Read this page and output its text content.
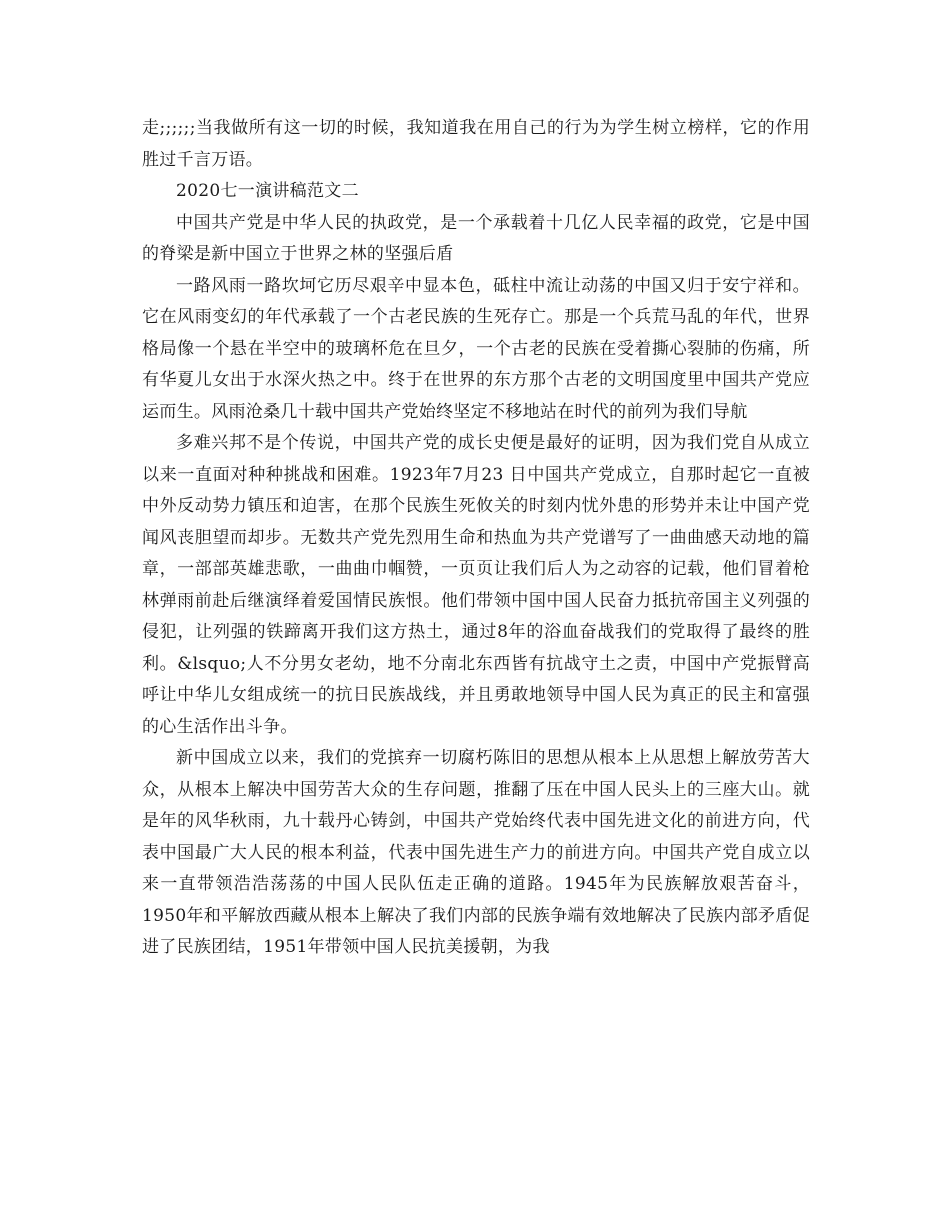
走;;;;;;当我做所有这一切的时候，我知道我在用自己的行为为学生树立榜样，它的作用胜过千言万语。

2020七一演讲稿范文二

中国共产党是中华人民的执政党，是一个承载着十几亿人民幸福的政党，它是中国的脊梁是新中国立于世界之林的坚强后盾

一路风雨一路坎坷它历尽艰辛中显本色，砥柱中流让动荡的中国又归于安宁祥和。它在风雨变幻的年代承载了一个古老民族的生死存亡。那是一个兵荒马乱的年代，世界格局像一个悬在半空中的玻璃杯危在旦夕，一个古老的民族在受着撕心裂肺的伤痛，所有华夏儿女出于水深火热之中。终于在世界的东方那个古老的文明国度里中国共产党应运而生。风雨沧桑几十载中国共产党始终坚定不移地站在时代的前列为我们导航

多难兴邦不是个传说，中国共产党的成长史便是最好的证明，因为我们党自从成立以来一直面对种种挑战和困难。1923年7月23 日中国共产党成立，自那时起它一直被中外反动势力镇压和迫害，在那个民族生死攸关的时刻内忧外患的形势并未让中国产党闻风丧胆望而却步。无数共产党先烈用生命和热血为共产党谱写了一曲曲感天动地的篇章，一部部英雄悲歌，一曲曲巾帼赞，一页页让我们后人为之动容的记载，他们冒着枪林弹雨前赴后继演绎着爱国情民族恨。他们带领中国中国人民奋力抵抗帝国主义列强的侵犯，让列强的铁蹄离开我们这方热土，通过8年的浴血奋战我们的党取得了最终的胜利。&lsquo;人不分男女老幼，地不分南北东西皆有抗战守土之责，中国中产党振臂高呼让中华儿女组成统一的抗日民族战线，并且勇敢地领导中国人民为真正的民主和富强的心生活作出斗争。

新中国成立以来，我们的党摈弃一切腐朽陈旧的思想从根本上从思想上解放劳苦大众，从根本上解决中国劳苦大众的生存问题，推翻了压在中国人民头上的三座大山。就是年的风华秋雨，九十载丹心铸剑，中国共产党始终代表中国先进文化的前进方向，代表中国最广大人民的根本利益，代表中国先进生产力的前进方向。中国共产党自成立以来一直带领浩浩荡荡的中国人民队伍走正确的道路。1945年为民族解放艰苦奋斗，1950年和平解放西藏从根本上解决了我们内部的民族争端有效地解决了民族内部矛盾促进了民族团结，1951年带领中国人民抗美援朝，为我
